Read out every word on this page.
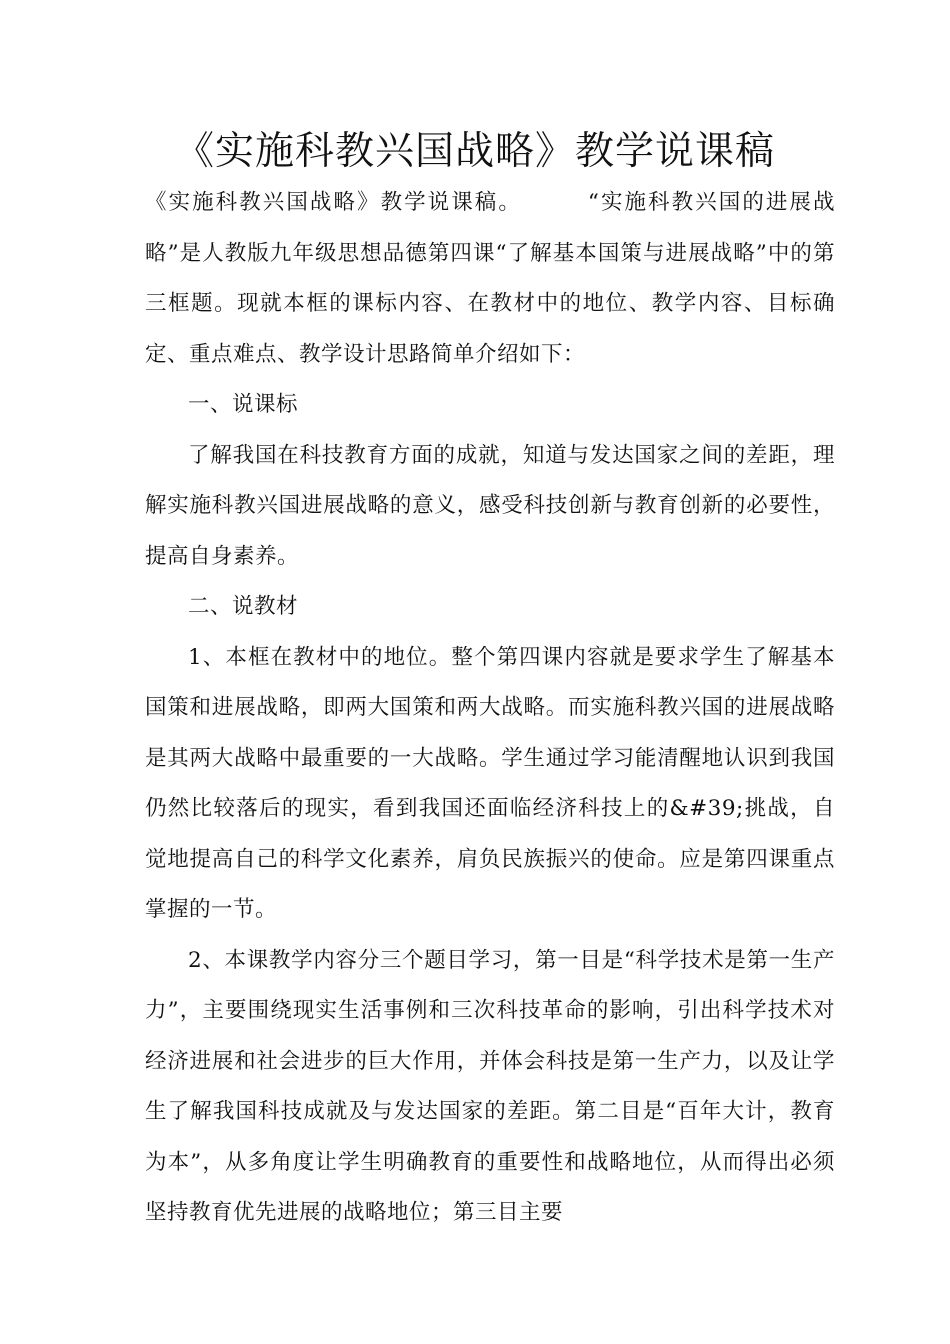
《实施科教兴国战略》教学说课稿

《实施科教兴国战略》教学说课稿。	“实施科教兴国的进展战略”是人教版九年级思想品德第四课“了解基本国策与进展战略”中的第三框题。现就本框的课标内容、在教材中的地位、教学内容、目标确定、重点难点、教学设计思路简单介绍如下：

一、说课标

了解我国在科技教育方面的成就，知道与发达国家之间的差距，理解实施科教兴国进展战略的意义，感受科技创新与教育创新的必要性，提高自身素养。

二、说教材

1、本框在教材中的地位。整个第四课内容就是要求学生了解基本国策和进展战略，即两大国策和两大战略。而实施科教兴国的进展战略是其两大战略中最重要的一大战略。学生通过学习能清醒地认识到我国仍然比较落后的现实，看到我国还面临经济科技上的&#39;挑战，自觉地提高自己的科学文化素养，肩负民族振兴的使命。应是第四课重点掌握的一节。

2、本课教学内容分三个题目学习，第一目是“科学技术是第一生产力”，主要围绕现实生活事例和三次科技革命的影响，引出科学技术对经济进展和社会进步的巨大作用，并体会科技是第一生产力，以及让学生了解我国科技成就及与发达国家的差距。第二目是“百年大计，教育为本”，从多角度让学生明确教育的重要性和战略地位，从而得出必须坚持教育优先进展的战略地位；第三目主要
